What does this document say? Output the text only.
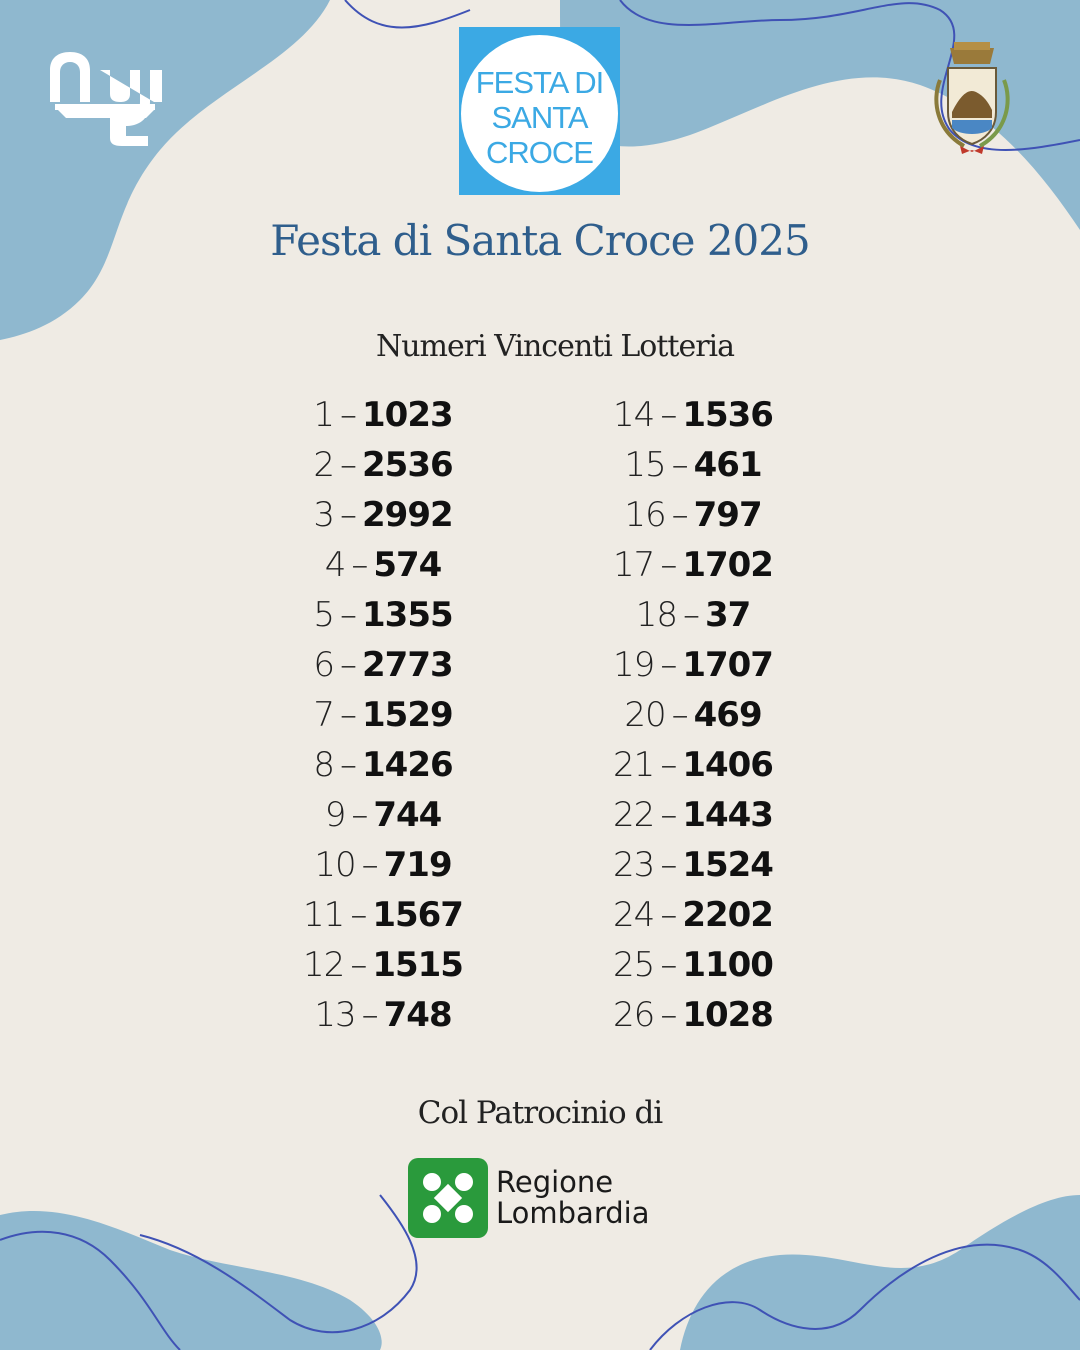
FESTA DI
SANTA
CROCE
Festa di Santa Croce 2025
Numeri Vincenti Lotteria
1 – 1023
2 – 2536
3 – 2992
4 – 574
5 – 1355
6 – 2773
7 – 1529
8 – 1426
9 – 744
10 – 719
11 – 1567
12 – 1515
13 – 748
14 – 1536
15 – 461
16 – 797
17 – 1702
18 – 37
19 – 1707
20 – 469
21 – 1406
22 – 1443
23 – 1524
24 – 2202
25 – 1100
26 – 1028
Col Patrocinio di
Regione
Lombardia
